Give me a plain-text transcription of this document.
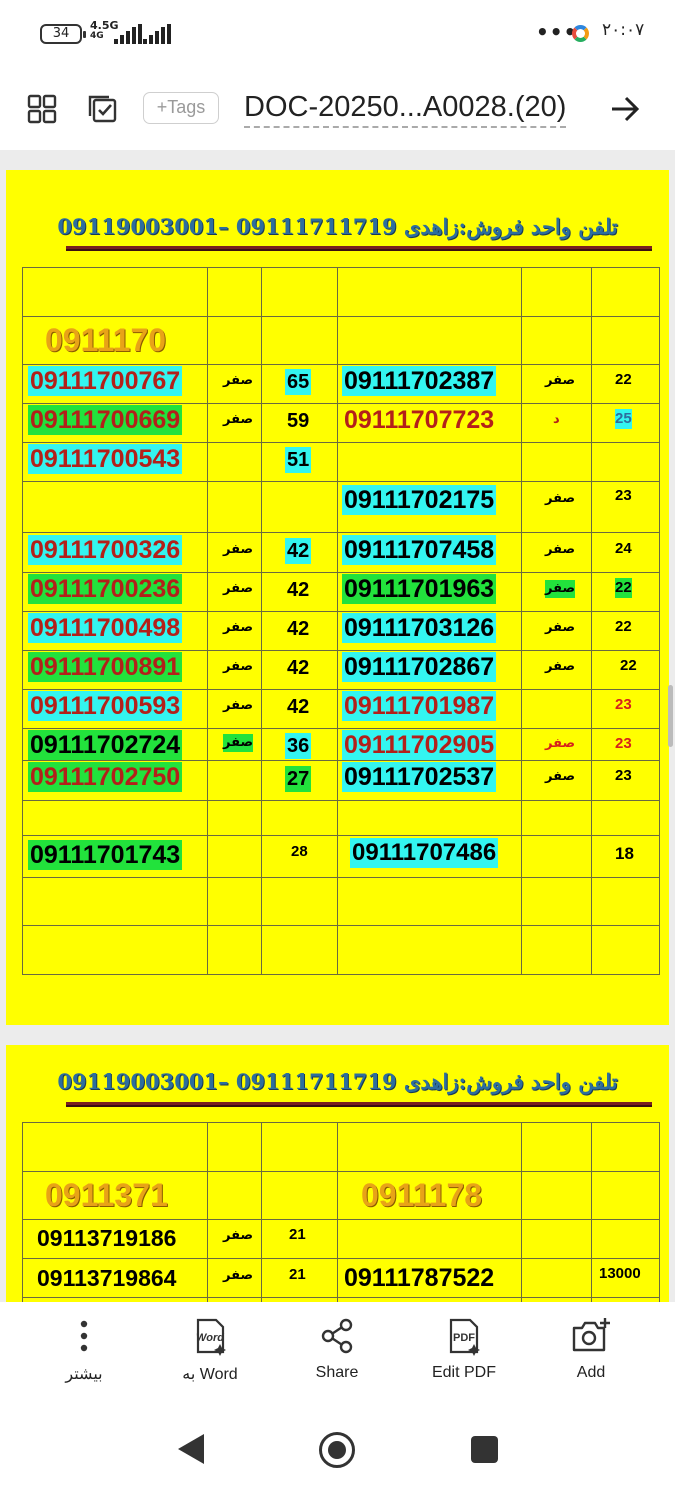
34
4.5G
4G	••• ۲۰:۰۷
+Tags	DOC-20250...A0028.(20)
تلفن واحد فروش:زاهدی 09111711719 –09119003001
0911170
09111700767	صفر 65 09111702387	صفر	22
09111700669	صفر 59 09111707723	د	25
09111700543	51
09111702175	صفر	23
09111700326	صفر 42 09111707458	صفر	24
09111700236	صفر 42 09111701963	صفر	22
09111700498	صفر 42 09111703126	صفر	22
09111700891	صفر 42 09111702867	صفر	22
09111700593	صفر 42 09111701987	23
09111702724	صفر 36 09111702905	صفر	23
09111702750	27 09111702537	صفر	23
09111701743	28 09111707486	18
تلفن واحد فروش:زاهدی 09111711719 –09119003001
0911371	0911178
09113719186	صفر 21
09113719864	صفر 21 09111787522	13000
بیشتر
Word
به Word	Share
PDF
Edit PDF	Add
